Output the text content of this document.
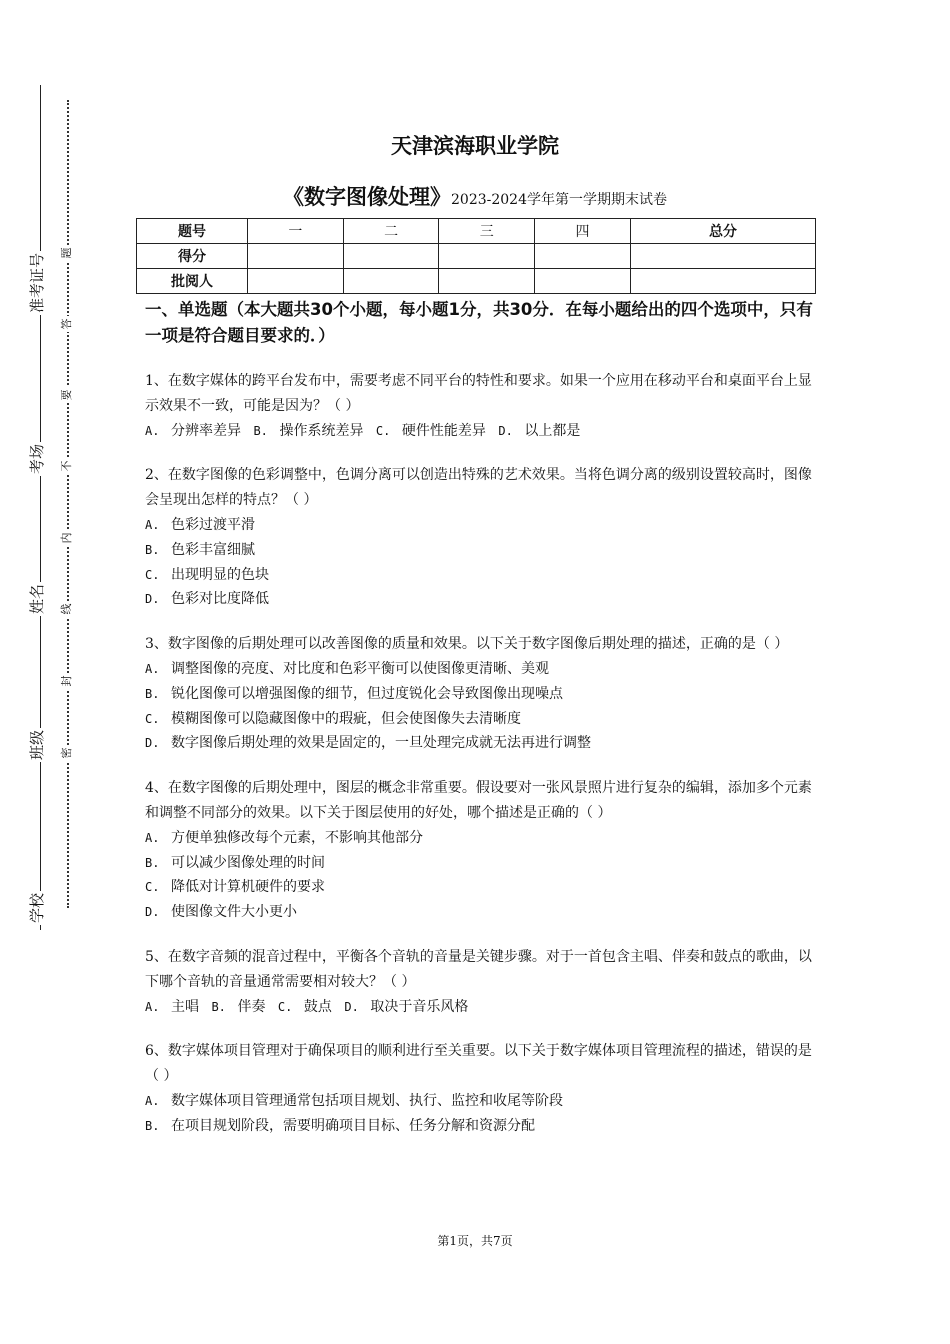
准考证号
考场
姓名
班级
学校
题
答
要
不
内
线
封
密
天津滨海职业学院
《数字图像处理》2023-2024学年第一学期期末试卷
题号	一	二	三	四	总分
得分					
批阅人					
一、单选题（本大题共30个小题，每小题1分，共30分．在每小题给出的四个选项中，只有一项是符合题目要求的．）
1、在数字媒体的跨平台发布中，需要考虑不同平台的特性和要求。如果一个应用在移动平台和桌面平台上显示效果不一致，可能是因为？（ ）
A. 分辨率差异 B. 操作系统差异 C. 硬件性能差异 D. 以上都是
2、在数字图像的色彩调整中，色调分离可以创造出特殊的艺术效果。当将色调分离的级别设置较高时，图像会呈现出怎样的特点？（ ）
A. 色彩过渡平滑
B. 色彩丰富细腻
C. 出现明显的色块
D. 色彩对比度降低
3、数字图像的后期处理可以改善图像的质量和效果。以下关于数字图像后期处理的描述，正确的是（ ）
A. 调整图像的亮度、对比度和色彩平衡可以使图像更清晰、美观
B. 锐化图像可以增强图像的细节，但过度锐化会导致图像出现噪点
C. 模糊图像可以隐藏图像中的瑕疵，但会使图像失去清晰度
D. 数字图像后期处理的效果是固定的，一旦处理完成就无法再进行调整
4、在数字图像的后期处理中，图层的概念非常重要。假设要对一张风景照片进行复杂的编辑，添加多个元素和调整不同部分的效果。以下关于图层使用的好处，哪个描述是正确的（ ）
A. 方便单独修改每个元素，不影响其他部分
B. 可以减少图像处理的时间
C. 降低对计算机硬件的要求
D. 使图像文件大小更小
5、在数字音频的混音过程中，平衡各个音轨的音量是关键步骤。对于一首包含主唱、伴奏和鼓点的歌曲，以下哪个音轨的音量通常需要相对较大？（ ）
A. 主唱 B. 伴奏 C. 鼓点 D. 取决于音乐风格
6、数字媒体项目管理对于确保项目的顺利进行至关重要。以下关于数字媒体项目管理流程的描述，错误的是（ ）
A. 数字媒体项目管理通常包括项目规划、执行、监控和收尾等阶段
B. 在项目规划阶段，需要明确项目目标、任务分解和资源分配
第1页，共7页
